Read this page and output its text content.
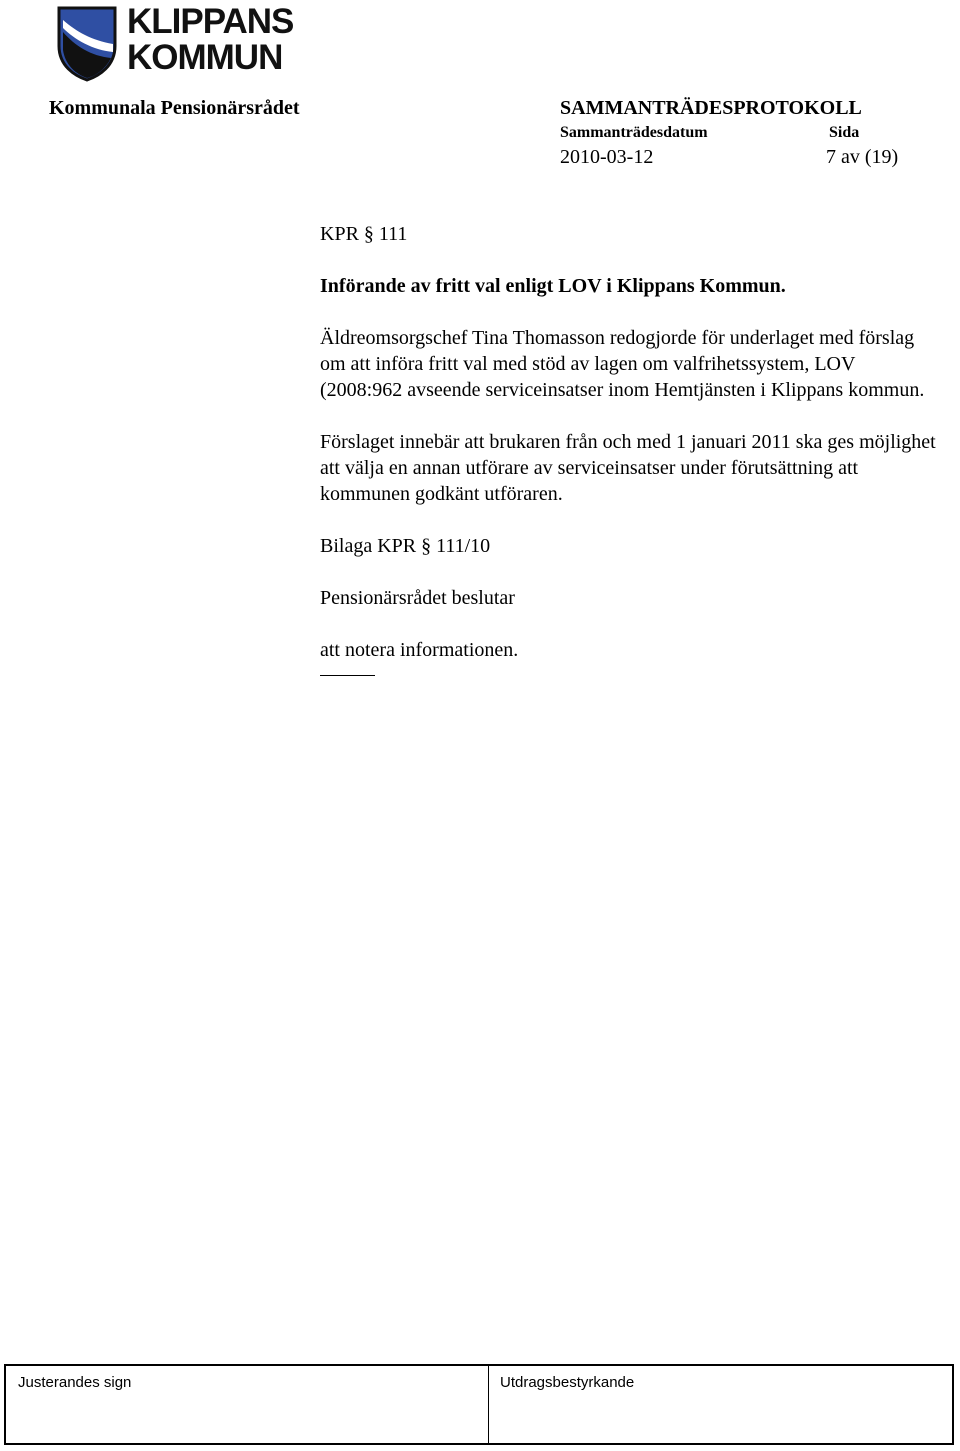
KLIPPANS
KOMMUN
Kommunala Pensionärsrådet	SAMMANTRÄDESPROTOKOLL
Sammanträdesdatum	Sida
2010-03-12	7 av (19)

KPR § 111

Införande av fritt val enligt LOV i Klippans Kommun.

Äldreomsorgschef Tina Thomasson redogjorde för underlaget med förslag om att införa fritt val med stöd av lagen om valfrihetssystem, LOV (2008:962 avseende serviceinsatser inom Hemtjänsten i Klippans kommun.

Förslaget innebär att brukaren från och med 1 januari 2011 ska ges möjlighet att välja en annan utförare av serviceinsatser under förutsättning att kommunen godkänt utföraren.

Bilaga KPR § 111/10

Pensionärsrådet beslutar

att notera informationen.

Justerandes sign	Utdragsbestyrkande
